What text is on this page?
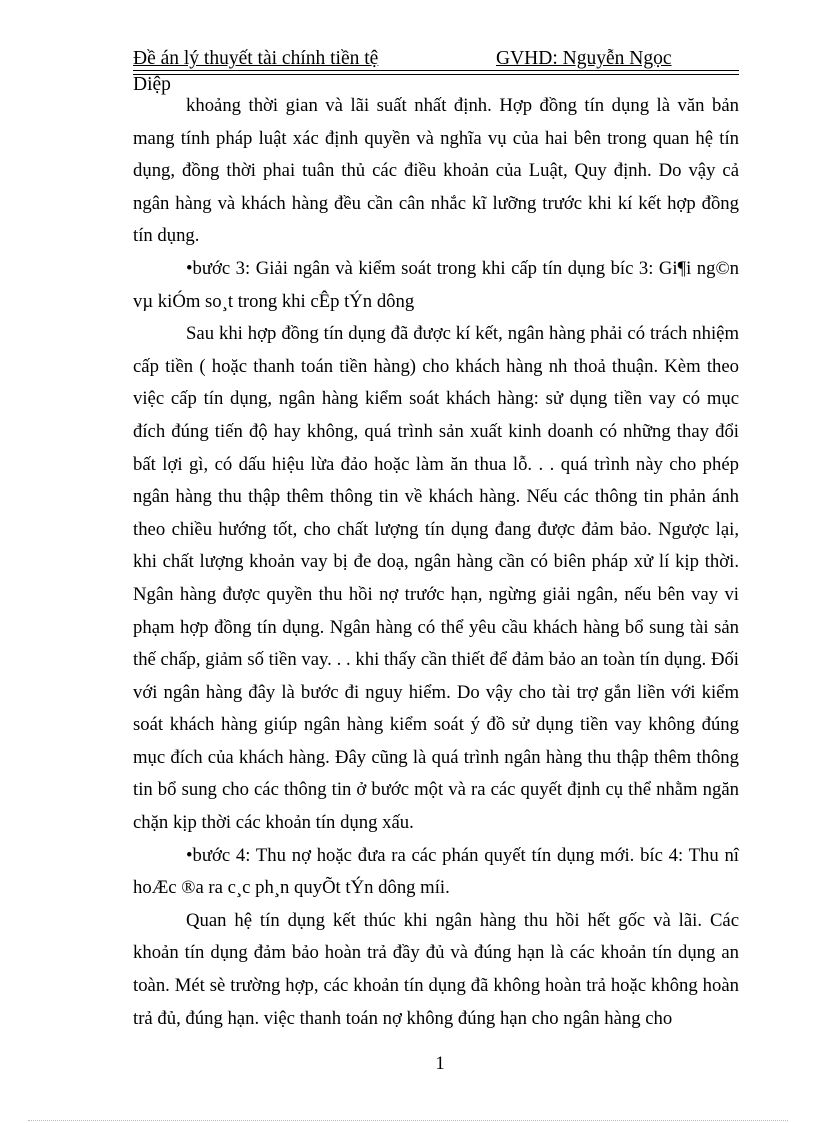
Đề án lý thuyết tài chính tiền tệ	GVHD: Nguyễn Ngọc
Diệp

khoảng thời gian và lãi suất nhất định. Hợp đồng tín dụng là văn bản mang tính pháp luật xác định quyền và nghĩa vụ của hai bên trong quan hệ tín dụng, đồng thời phai tuân thủ các điều khoản của Luật, Quy định. Do vậy cả ngân hàng và khách hàng đều cần cân nhắc kĩ lưỡng trước khi kí kết hợp đồng tín dụng.

•bước 3: Giải ngân và kiểm soát trong khi cấp tín dụng bíc 3: Gi¶i ng©n vµ kiÓm so¸t trong khi cÊp tÝn dông

Sau khi hợp đồng tín dụng đã được kí kết, ngân hàng phải có trách nhiệm cấp tiền ( hoặc thanh toán tiền hàng) cho khách hàng nh thoả thuận. Kèm theo việc cấp tín dụng, ngân hàng kiểm soát khách hàng: sử dụng tiền vay có mục đích đúng tiến độ hay không, quá trình sản xuất kinh doanh có những thay đổi bất lợi gì, có dấu hiệu lừa đảo hoặc làm ăn thua lỗ. . . quá trình này cho phép ngân hàng thu thập thêm thông tin về khách hàng. Nếu các thông tin phản ánh theo chiều hướng tốt, cho chất lượng tín dụng đang được đảm bảo. Ngược lại, khi chất lượng khoản vay bị đe doạ, ngân hàng cần có biên pháp xử lí kịp thời. Ngân hàng được quyền thu hồi nợ trước hạn, ngừng giải ngân, nếu bên vay vi phạm hợp đồng tín dụng. Ngân hàng có thể yêu cầu khách hàng bổ sung tài sản thế chấp, giảm số tiền vay. . . khi thấy cần thiết để đảm bảo an toàn tín dụng. Đối với ngân hàng đây là bước đi nguy hiểm. Do vậy cho tài trợ gắn liền với kiểm soát khách hàng giúp ngân hàng kiểm soát ý đồ sử dụng tiền vay không đúng mục đích của khách hàng. Đây cũng là quá trình ngân hàng thu thập thêm thông tin bổ sung cho các thông tin ở bước một và ra các quyết định cụ thể nhằm ngăn chặn kịp thời các khoản tín dụng xấu.

•bước 4: Thu nợ hoặc đưa ra các phán quyết tín dụng mới. bíc 4: Thu nî hoÆc ®a ra c¸c ph¸n quyÕt tÝn dông míi.

Quan hệ tín dụng kết thúc khi ngân hàng thu hồi hết gốc và lãi. Các khoản tín dụng đảm bảo hoàn trả đầy đủ và đúng hạn là các khoản tín dụng an toàn. Mét sè trường hợp, các khoản tín dụng đã không hoàn trả hoặc không hoàn trả đủ, đúng hạn. việc thanh toán nợ không đúng hạn cho ngân hàng cho

1
